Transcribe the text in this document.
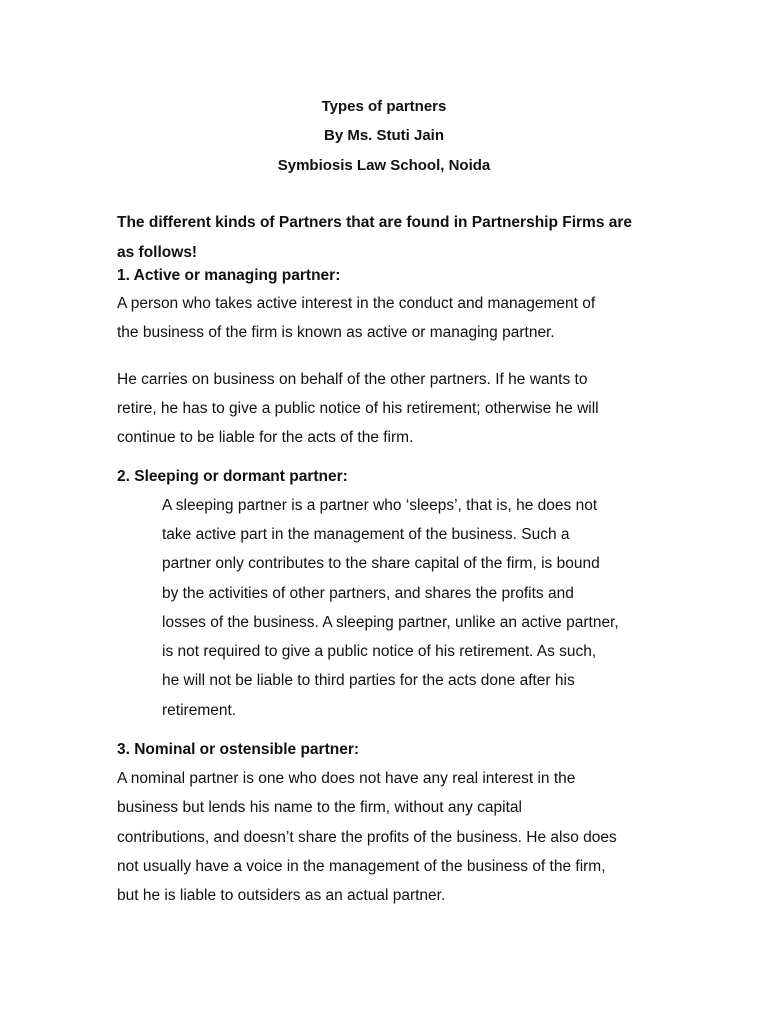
Types of partners
By Ms. Stuti Jain
Symbiosis Law School, Noida
The different kinds of Partners that are found in Partnership Firms are
as follows!
1. Active or managing partner:
A person who takes active interest in the conduct and management of
the business of the firm is known as active or managing partner.
He carries on business on behalf of the other partners. If he wants to
retire, he has to give a public notice of his retirement; otherwise he will
continue to be liable for the acts of the firm.
2. Sleeping or dormant partner:
A sleeping partner is a partner who ‘sleeps’, that is, he does not
take active part in the management of the business. Such a
partner only contributes to the share capital of the firm, is bound
by the activities of other partners, and shares the profits and
losses of the business. A sleeping partner, unlike an active partner,
is not required to give a public notice of his retirement. As such,
he will not be liable to third parties for the acts done after his
retirement.
3. Nominal or ostensible partner:
A nominal partner is one who does not have any real interest in the
business but lends his name to the firm, without any capital
contributions, and doesn’t share the profits of the business. He also does
not usually have a voice in the management of the business of the firm,
but he is liable to outsiders as an actual partner.
